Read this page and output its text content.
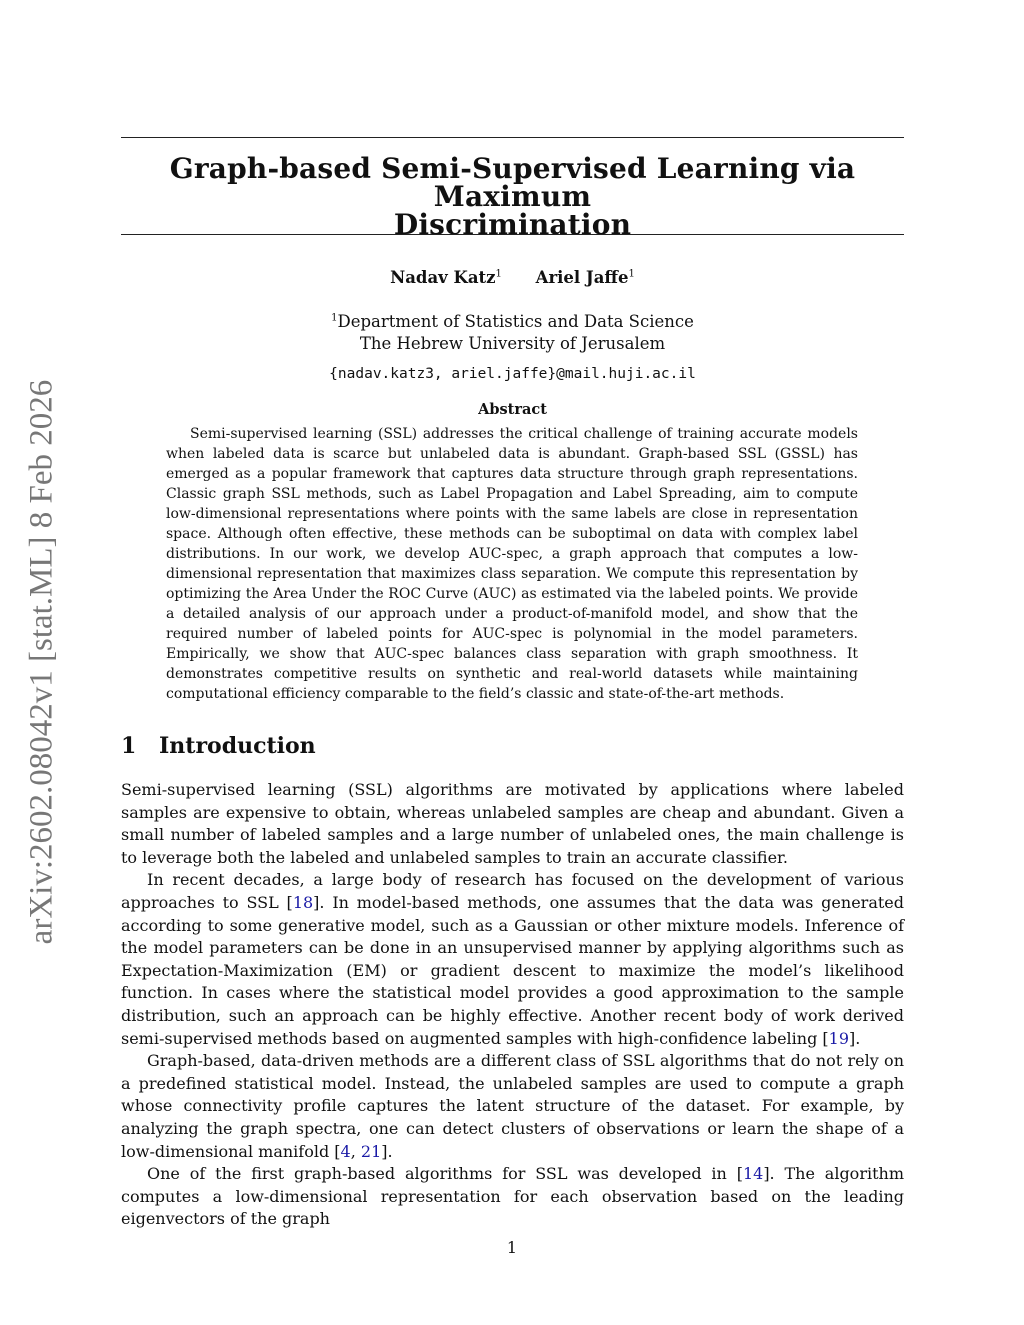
arXiv:2602.08042v1 [stat.ML] 8 Feb 2026
Graph-based Semi-Supervised Learning via Maximum
Discrimination
Nadav Katz$^1$ Ariel Jaffe$^1$
$^1$Department of Statistics and Data Science
The Hebrew University of Jerusalem
{nadav.katz3, ariel.jaffe}@mail.huji.ac.il
Abstract
Semi-supervised learning (SSL) addresses the critical challenge of training accurate models when labeled data is scarce but unlabeled data is abundant. Graph-based SSL (GSSL) has emerged as a popular framework that captures data structure through graph representations. Classic graph SSL methods, such as Label Propagation and Label Spreading, aim to compute low-dimensional representations where points with the same labels are close in representation space. Although often effective, these methods can be suboptimal on data with complex label distributions. In our work, we develop AUC-spec, a graph approach that computes a low-dimensional representation that maximizes class separation. We compute this representation by optimizing the Area Under the ROC Curve (AUC) as estimated via the labeled points. We provide a detailed analysis of our approach under a product-of-manifold model, and show that the required number of labeled points for AUC-spec is polynomial in the model parameters. Empirically, we show that AUC-spec balances class separation with graph smoothness. It demonstrates competitive results on synthetic and real-world datasets while maintaining computational efficiency comparable to the field’s classic and state-of-the-art methods.
1 Introduction

Semi-supervised learning (SSL) algorithms are motivated by applications where labeled samples are expensive to obtain, whereas unlabeled samples are cheap and abundant. Given a small number of labeled samples and a large number of unlabeled ones, the main challenge is to leverage both the labeled and unlabeled samples to train an accurate classifier.

In recent decades, a large body of research has focused on the development of various approaches to SSL [18]. In model-based methods, one assumes that the data was generated according to some generative model, such as a Gaussian or other mixture models. Inference of the model parameters can be done in an unsupervised manner by applying algorithms such as Expectation-Maximization (EM) or gradient descent to maximize the model’s likelihood function. In cases where the statistical model provides a good approximation to the sample distribution, such an approach can be highly effective. Another recent body of work derived semi-supervised methods based on augmented samples with high-confidence labeling [19].

Graph-based, data-driven methods are a different class of SSL algorithms that do not rely on a predefined statistical model. Instead, the unlabeled samples are used to compute a graph whose connectivity profile captures the latent structure of the dataset. For example, by analyzing the graph spectra, one can detect clusters of observations or learn the shape of a low-dimensional manifold [4, 21].

One of the first graph-based algorithms for SSL was developed in [14]. The algorithm computes a low-dimensional representation for each observation based on the leading eigenvectors of the graph

1
